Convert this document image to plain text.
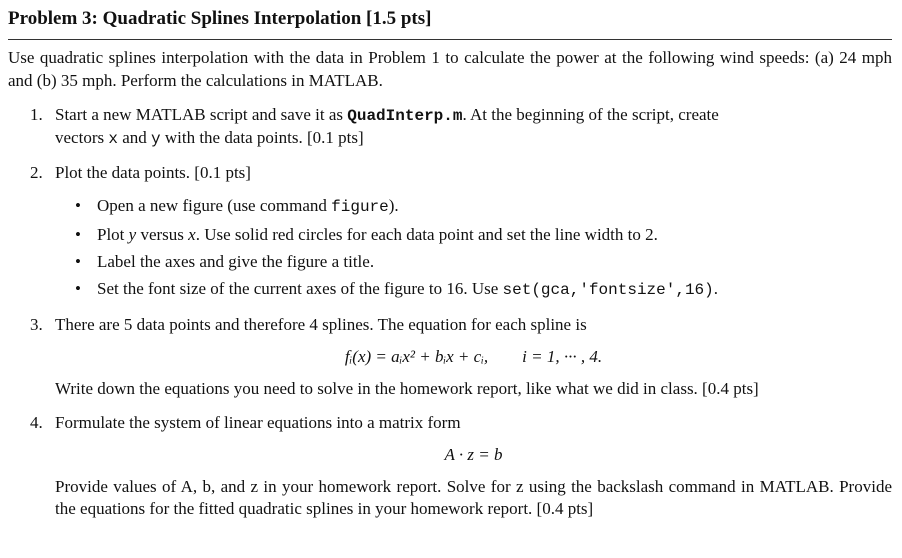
Problem 3: Quadratic Splines Interpolation [1.5 pts]

Use quadratic splines interpolation with the data in Problem 1 to calculate the power at the following wind speeds: (a) 24 mph and (b) 35 mph. Perform the calculations in MATLAB.

1. Start a new MATLAB script and save it as QuadInterp.m. At the beginning of the script, create

vectors x and y with the data points. [0.1 pts]

2. Plot the data points. [0.1 pts]

• Open a new figure (use command figure).
• Plot y versus x. Use solid red circles for each data point and set the line width to 2.
• Label the axes and give the figure a title.
• Set the font size of the current axes of the figure to 16. Use set(gca,'fontsize',16).
3. There are 5 data points and therefore 4 splines. The equation for each spline is

fᵢ(x) = aᵢx² + bᵢx + cᵢ,        i = 1, ··· , 4.

Write down the equations you need to solve in the homework report, like what we did in class. [0.4 pts]

4. Formulate the system of linear equations into a matrix form

A · z = b

Provide values of A, b, and z in your homework report. Solve for z using the backslash command in MATLAB. Provide the equations for the fitted quadratic splines in your homework report. [0.4 pts]
